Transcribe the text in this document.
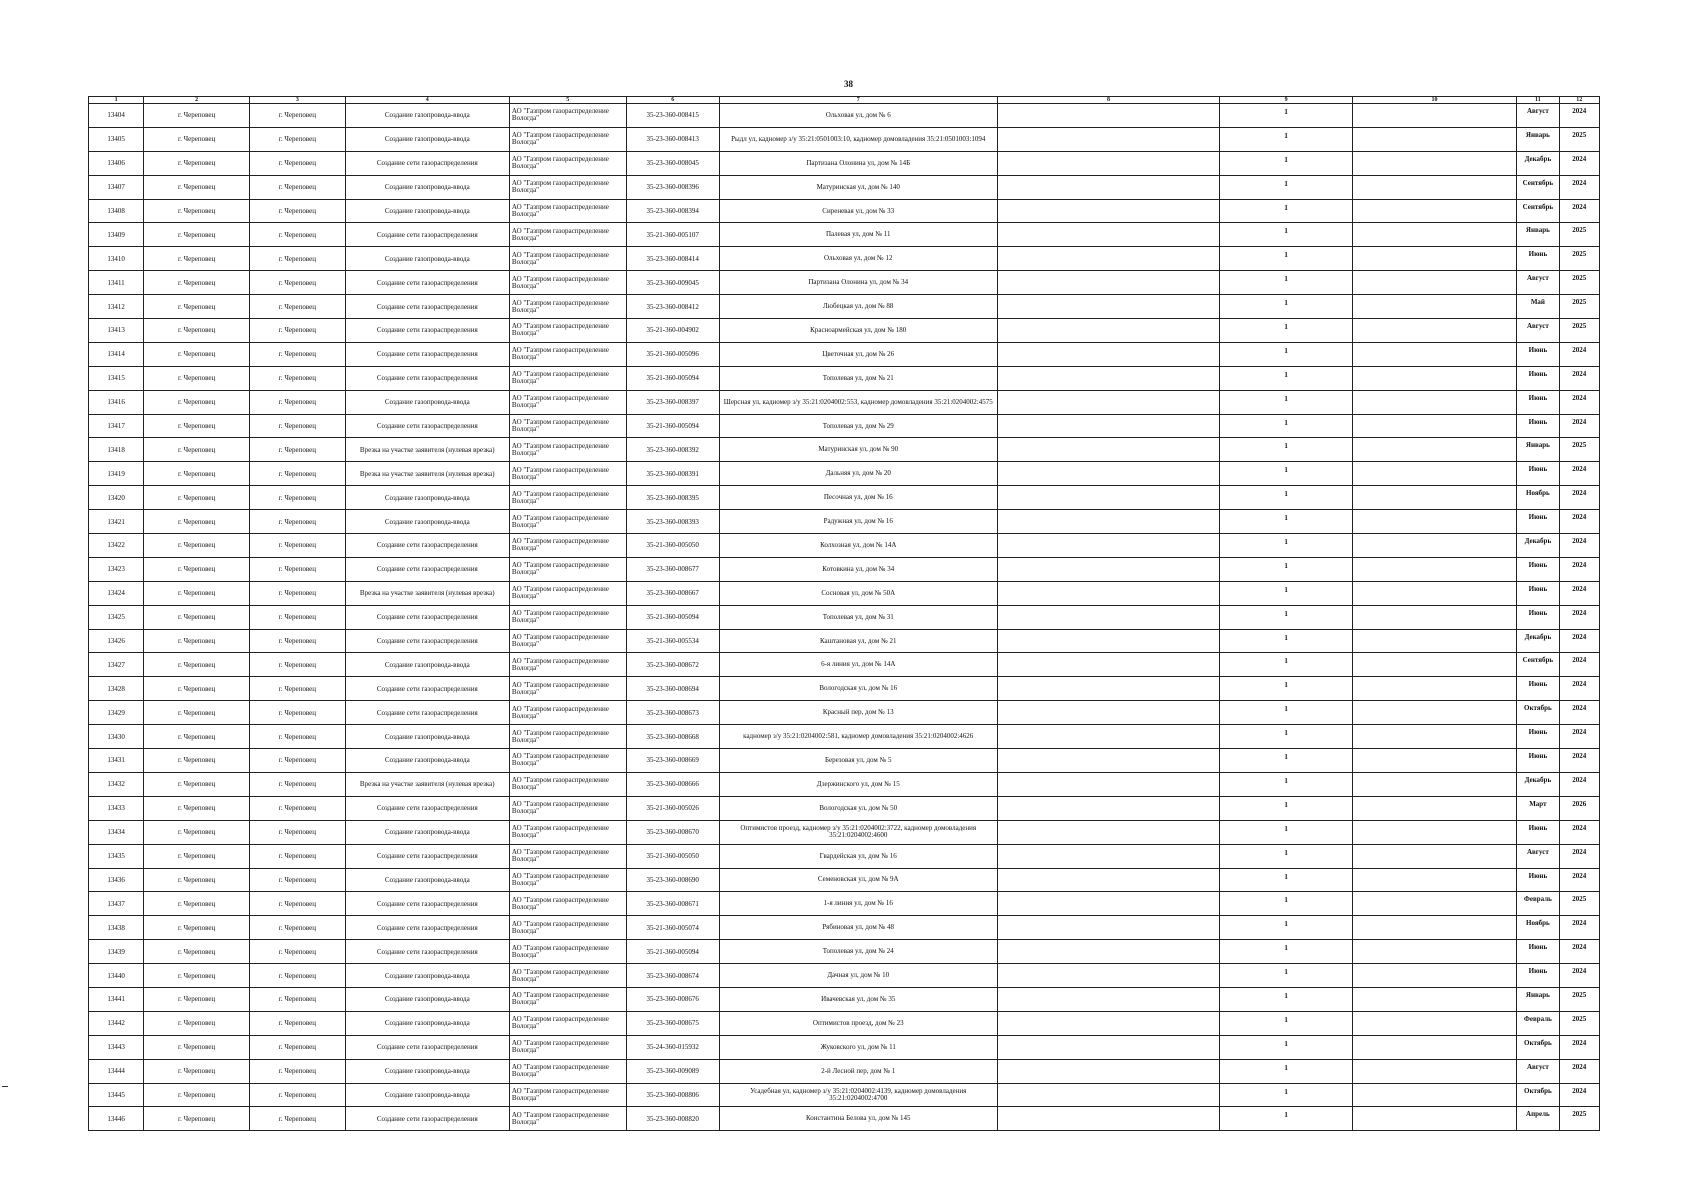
38
1	2	3	4	5	6	7	8	9	10	11	12
13404	г. Череповец	г. Череповец	Создание газопровода-ввода	АО "Газпром газораспределение Вологда"	35-23-360-008415	Ольховая ул, дом № 6		1		Август	2024
13405	г. Череповец	г. Череповец	Создание газопровода-ввода	АО "Газпром газораспределение Вологда"	35-23-360-008413	Рыдл ул, кадномер з/у 35:21:0501003:10, кадномер домовладения 35:21:0501003:1094		1		Январь	2025
13406	г. Череповец	г. Череповец	Создание сети газораспределения	АО "Газпром газораспределение Вологда"	35-23-360-008045	Партизана Олонина ул, дом № 14Б		1		Декабрь	2024
13407	г. Череповец	г. Череповец	Создание газопровода-ввода	АО "Газпром газораспределение Вологда"	35-23-360-008396	Матуринская ул, дом № 140		1		Сентябрь	2024
13408	г. Череповец	г. Череповец	Создание газопровода-ввода	АО "Газпром газораспределение Вологда"	35-23-360-008394	Сиреневая ул, дом № 33		1		Сентябрь	2024
13409	г. Череповец	г. Череповец	Создание сети газораспределения	АО "Газпром газораспределение Вологда"	35-21-360-005107	Палевая ул, дом № 11		1		Январь	2025
13410	г. Череповец	г. Череповец	Создание газопровода-ввода	АО "Газпром газораспределение Вологда"	35-23-360-008414	Ольховая ул, дом № 12		1		Июнь	2025
13411	г. Череповец	г. Череповец	Создание сети газораспределения	АО "Газпром газораспределение Вологда"	35-23-360-009045	Партизана Олонина ул, дом № 34		1		Август	2025
13412	г. Череповец	г. Череповец	Создание сети газораспределения	АО "Газпром газораспределение Вологда"	35-23-360-008412	Любецкая ул, дом № 88		1		Май	2025
13413	г. Череповец	г. Череповец	Создание сети газораспределения	АО "Газпром газораспределение Вологда"	35-21-360-004902	Красноармейская ул, дом № 180		1		Август	2025
13414	г. Череповец	г. Череповец	Создание сети газораспределения	АО "Газпром газораспределение Вологда"	35-21-360-005096	Цветочная ул, дом № 26		1		Июнь	2024
13415	г. Череповец	г. Череповец	Создание сети газораспределения	АО "Газпром газораспределение Вологда"	35-21-360-005094	Тополевая ул, дом № 21		1		Июнь	2024
13416	г. Череповец	г. Череповец	Создание газопровода-ввода	АО "Газпром газораспределение Вологда"	35-23-360-008397	Шерсная ул, кадномер з/у 35:21:0204002:553, кадномер домовладения 35:21:0204002:4575		1		Июнь	2024
13417	г. Череповец	г. Череповец	Создание сети газораспределения	АО "Газпром газораспределение Вологда"	35-21-360-005094	Тополевая ул, дом № 29		1		Июнь	2024
13418	г. Череповец	г. Череповец	Врезка на участке заявителя (нулевая врезка)	АО "Газпром газораспределение Вологда"	35-23-360-008392	Матуринская ул, дом № 90		1		Январь	2025
13419	г. Череповец	г. Череповец	Врезка на участке заявителя (нулевая врезка)	АО "Газпром газораспределение Вологда"	35-23-360-008391	Дальняя ул, дом № 20		1		Июнь	2024
13420	г. Череповец	г. Череповец	Создание газопровода-ввода	АО "Газпром газораспределение Вологда"	35-23-360-008395	Песочная ул, дом № 16		1		Ноябрь	2024
13421	г. Череповец	г. Череповец	Создание газопровода-ввода	АО "Газпром газораспределение Вологда"	35-23-360-008393	Радужная ул, дом № 16		1		Июнь	2024
13422	г. Череповец	г. Череповец	Создание сети газораспределения	АО "Газпром газораспределение Вологда"	35-21-360-005050	Колхозная ул, дом № 14А		1		Декабрь	2024
13423	г. Череповец	г. Череповец	Создание сети газораспределения	АО "Газпром газораспределение Вологда"	35-23-360-008677	Котовкина ул, дом № 34		1		Июнь	2024
13424	г. Череповец	г. Череповец	Врезка на участке заявителя (нулевая врезка)	АО "Газпром газораспределение Вологда"	35-23-360-008667	Сосновая ул, дом № 50А		1		Июнь	2024
13425	г. Череповец	г. Череповец	Создание сети газораспределения	АО "Газпром газораспределение Вологда"	35-21-360-005094	Тополевая ул, дом № 31		1		Июнь	2024
13426	г. Череповец	г. Череповец	Создание сети газораспределения	АО "Газпром газораспределение Вологда"	35-21-360-005534	Каштановая ул, дом № 21		1		Декабрь	2024
13427	г. Череповец	г. Череповец	Создание газопровода-ввода	АО "Газпром газораспределение Вологда"	35-23-360-008672	6-я линия ул, дом № 14А		1		Сентябрь	2024
13428	г. Череповец	г. Череповец	Создание сети газораспределения	АО "Газпром газораспределение Вологда"	35-23-360-008694	Вологодская ул, дом № 16		1		Июнь	2024
13429	г. Череповец	г. Череповец	Создание сети газораспределения	АО "Газпром газораспределение Вологда"	35-23-360-008673	Красный пер, дом № 13		1		Октябрь	2024
13430	г. Череповец	г. Череповец	Создание газопровода-ввода	АО "Газпром газораспределение Вологда"	35-23-360-008668	кадномер з/у 35:21:0204002:581, кадномер домовладения 35:21:0204002:4626		1		Июнь	2024
13431	г. Череповец	г. Череповец	Создание газопровода-ввода	АО "Газпром газораспределение Вологда"	35-23-360-008669	Березовая ул, дом № 5		1		Июнь	2024
13432	г. Череповец	г. Череповец	Врезка на участке заявителя (нулевая врезка)	АО "Газпром газораспределение Вологда"	35-23-360-008666	Дзержинского ул, дом № 15		1		Декабрь	2024
13433	г. Череповец	г. Череповец	Создание сети газораспределения	АО "Газпром газораспределение Вологда"	35-21-360-005026	Вологодская ул, дом № 50		1		Март	2026
13434	г. Череповец	г. Череповец	Создание газопровода-ввода	АО "Газпром газораспределение Вологда"	35-23-360-008670	Оптимистов проезд, кадномер з/у 35:21:0204002:3722, кадномер домовладения 35:21:0204002:4600		1		Июнь	2024
13435	г. Череповец	г. Череповец	Создание сети газораспределения	АО "Газпром газораспределение Вологда"	35-21-360-005050	Гвардейская ул, дом № 16		1		Август	2024
13436	г. Череповец	г. Череповец	Создание газопровода-ввода	АО "Газпром газораспределение Вологда"	35-23-360-008690	Семеновская ул, дом № 9А		1		Июнь	2024
13437	г. Череповец	г. Череповец	Создание сети газораспределения	АО "Газпром газораспределение Вологда"	35-23-360-008671	1-я линия ул, дом № 16		1		Февраль	2025
13438	г. Череповец	г. Череповец	Создание сети газораспределения	АО "Газпром газораспределение Вологда"	35-21-360-005074	Рябиновая ул, дом № 48		1		Ноябрь	2024
13439	г. Череповец	г. Череповец	Создание сети газораспределения	АО "Газпром газораспределение Вологда"	35-21-360-005094	Тополевая ул, дом № 24		1		Июнь	2024
13440	г. Череповец	г. Череповец	Создание газопровода-ввода	АО "Газпром газораспределение Вологда"	35-23-360-008674	Дачная ул, дом № 10		1		Июнь	2024
13441	г. Череповец	г. Череповец	Создание газопровода-ввода	АО "Газпром газораспределение Вологда"	35-23-360-008676	Ивачевская ул, дом № 35		1		Январь	2025
13442	г. Череповец	г. Череповец	Создание газопровода-ввода	АО "Газпром газораспределение Вологда"	35-23-360-008675	Оптимистов проезд, дом № 23		1		Февраль	2025
13443	г. Череповец	г. Череповец	Создание сети газораспределения	АО "Газпром газораспределение Вологда"	35-24-360-015932	Жуковского ул, дом № 11		1		Октябрь	2024
13444	г. Череповец	г. Череповец	Создание газопровода-ввода	АО "Газпром газораспределение Вологда"	35-23-360-009089	2-й Лесной пер, дом № 1		1		Август	2024
13445	г. Череповец	г. Череповец	Создание газопровода-ввода	АО "Газпром газораспределение Вологда"	35-23-360-008806	Усадебная ул, кадномер з/у 35:21:0204002:4139, кадномер домовладения 35:21:0204002:4700		1		Октябрь	2024
13446	г. Череповец	г. Череповец	Создание сети газораспределения	АО "Газпром газораспределение Вологда"	35-23-360-008820	Константина Белова ул, дом № 145		1		Апрель	2025
